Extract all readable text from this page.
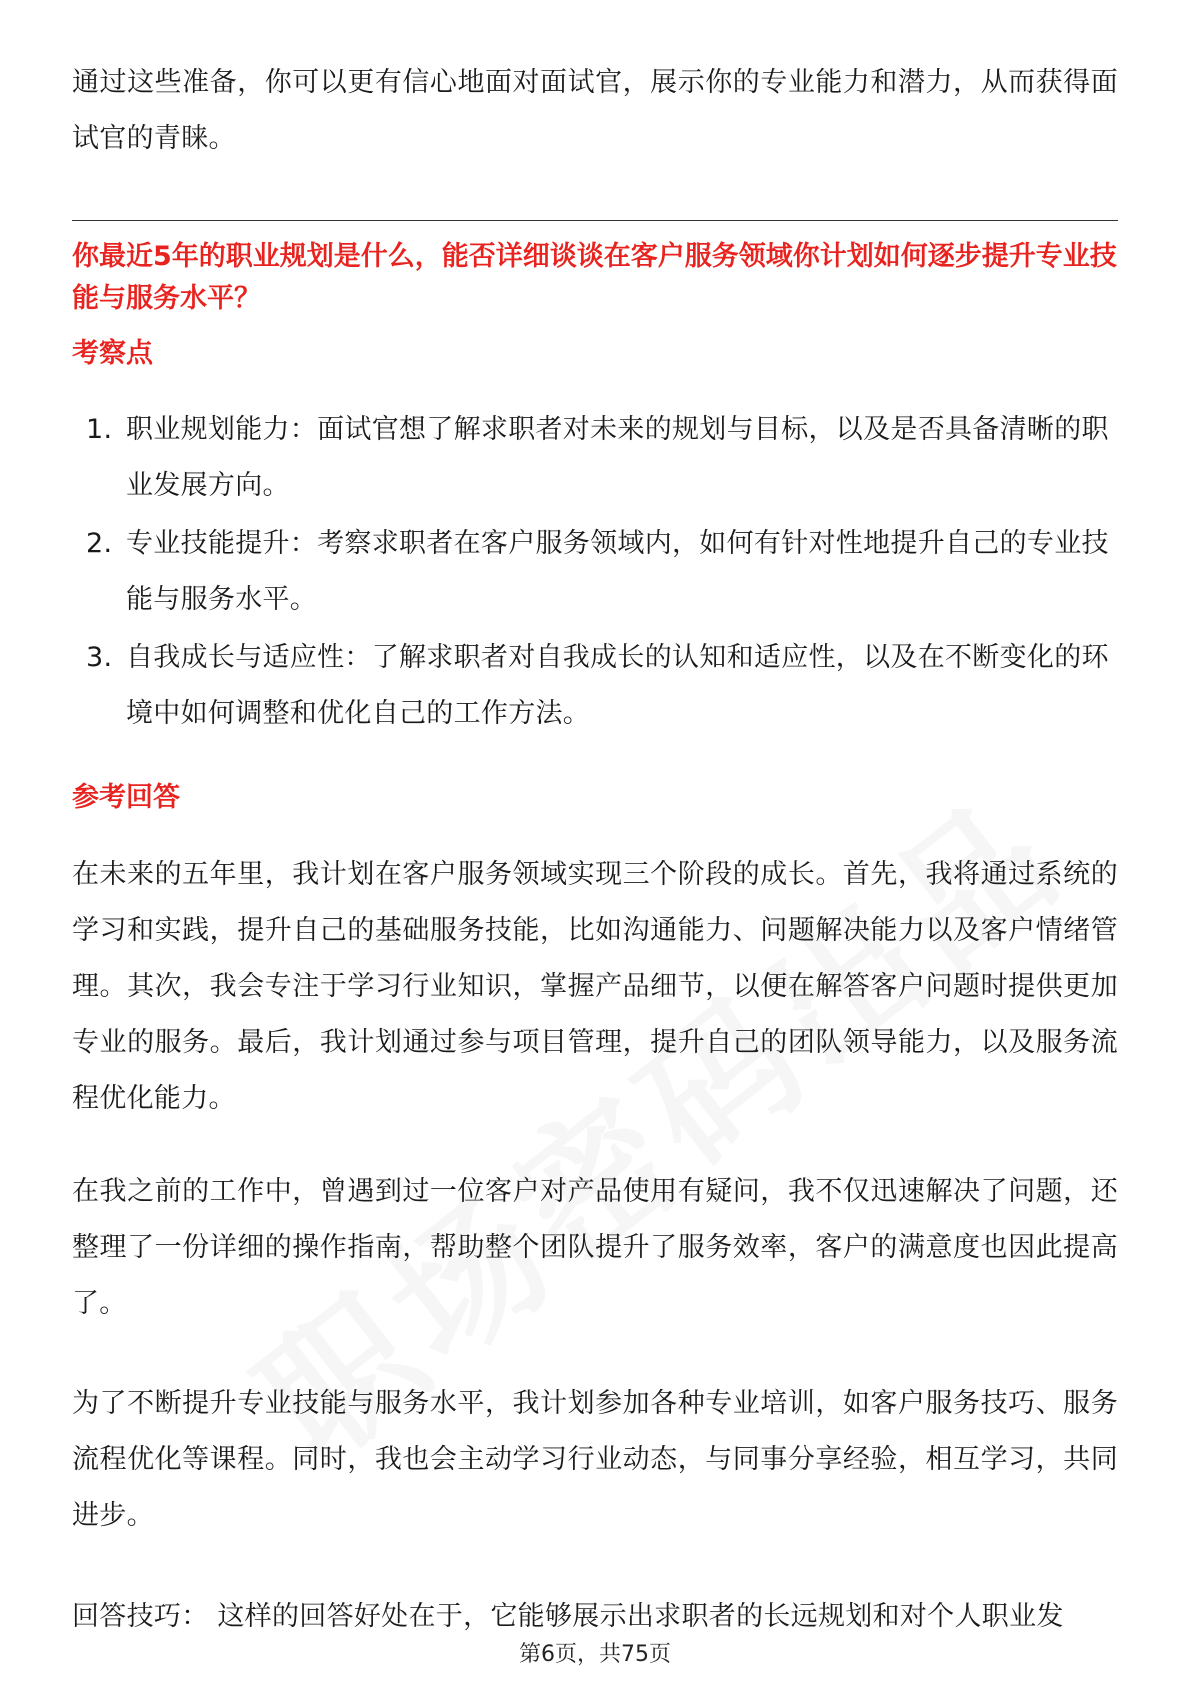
通过这些准备，你可以更有信心地面对面试官，展示你的专业能力和潜力，从而获得面试官的青睐。

你最近5年的职业规划是什么，能否详细谈谈在客户服务领域你计划如何逐步提升专业技能与服务水平？
考察点
1. 职业规划能力：面试官想了解求职者对未来的规划与目标，以及是否具备清晰的职业发展方向。
2. 专业技能提升：考察求职者在客户服务领域内，如何有针对性地提升自己的专业技能与服务水平。
3. 自我成长与适应性：了解求职者对自我成长的认知和适应性，以及在不断变化的环境中如何调整和优化自己的工作方法。
参考回答

在未来的五年里，我计划在客户服务领域实现三个阶段的成长。首先，我将通过系统的学习和实践，提升自己的基础服务技能，比如沟通能力、问题解决能力以及客户情绪管理。其次，我会专注于学习行业知识，掌握产品细节，以便在解答客户问题时提供更加专业的服务。最后，我计划通过参与项目管理，提升自己的团队领导能力，以及服务流程优化能力。

在我之前的工作中，曾遇到过一位客户对产品使用有疑问，我不仅迅速解决了问题，还整理了一份详细的操作指南，帮助整个团队提升了服务效率，客户的满意度也因此提高了。

为了不断提升专业技能与服务水平，我计划参加各种专业培训，如客户服务技巧、服务流程优化等课程。同时，我也会主动学习行业动态，与同事分享经验，相互学习，共同进步。

回答技巧： 这样的回答好处在于，它能够展示出求职者的长远规划和对个人职业发

第6页，共75页
